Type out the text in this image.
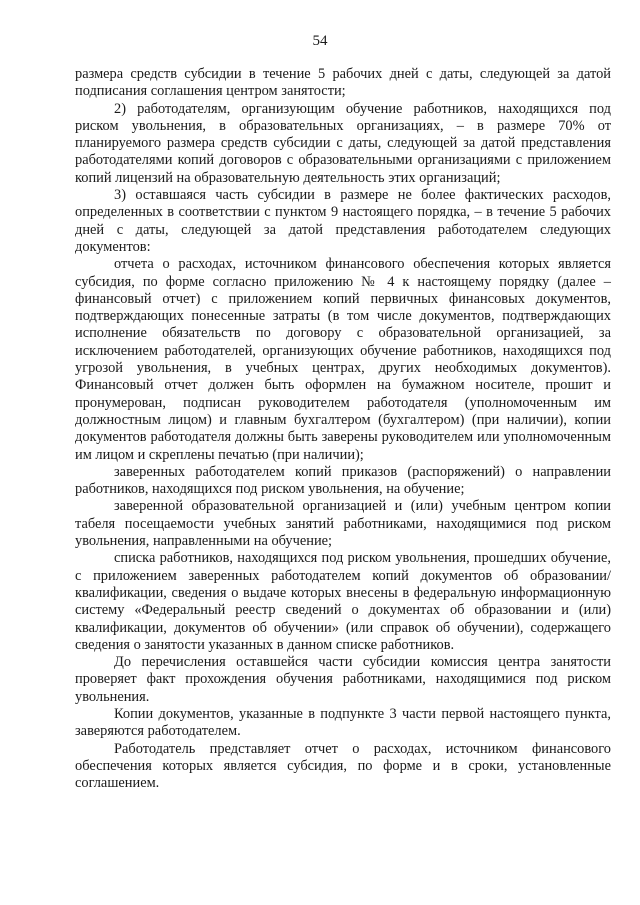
54

размера средств субсидии в течение 5 рабочих дней с даты, следующей за датой подписания соглашения центром занятости;

2) работодателям, организующим обучение работников, находящихся под риском увольнения, в образовательных организациях, – в размере 70% от планируемого размера средств субсидии с даты, следующей за датой представления работодателями копий договоров с образовательными организациями с приложением копий лицензий на образовательную деятельность этих организаций;

3) оставшаяся часть субсидии в размере не более фактических расходов, определенных в соответствии с пунктом 9 настоящего порядка, – в течение 5 рабочих дней с даты, следующей за датой представления работодателем следующих документов:

отчета о расходах, источником финансового обеспечения которых является субсидия, по форме согласно приложению № 4 к настоящему порядку (далее – финансовый отчет) с приложением копий первичных финансовых документов, подтверждающих понесенные затраты (в том числе документов, подтверждающих исполнение обязательств по договору с образовательной организацией, за исключением работодателей, организующих обучение работников, находящихся под угрозой увольнения, в учебных центрах, других необходимых документов). Финансовый отчет должен быть оформлен на бумажном носителе, прошит и пронумерован, подписан руководителем работодателя (уполномоченным им должностным лицом) и главным бухгалтером (бухгалтером) (при наличии), копии документов работодателя должны быть заверены руководителем или уполномоченным им лицом и скреплены печатью (при наличии);

заверенных работодателем копий приказов (распоряжений) о направлении работников, находящихся под риском увольнения, на обучение;

заверенной образовательной организацией и (или) учебным центром копии табеля посещаемости учебных занятий работниками, находящимися под риском увольнения, направленными на обучение;

списка работников, находящихся под риском увольнения, прошедших обучение, с приложением заверенных работодателем копий документов об образовании/квалификации, сведения о выдаче которых внесены в федеральную информационную систему «Федеральный реестр сведений о документах об образовании и (или) квалификации, документов об обучении» (или справок об обучении), содержащего сведения о занятости указанных в данном списке работников.

До перечисления оставшейся части субсидии комиссия центра занятости проверяет факт прохождения обучения работниками, находящимися под риском увольнения.

Копии документов, указанные в подпункте 3 части первой настоящего пункта, заверяются работодателем.

Работодатель представляет отчет о расходах, источником финансового обеспечения которых является субсидия, по форме и в сроки, установленные соглашением.
